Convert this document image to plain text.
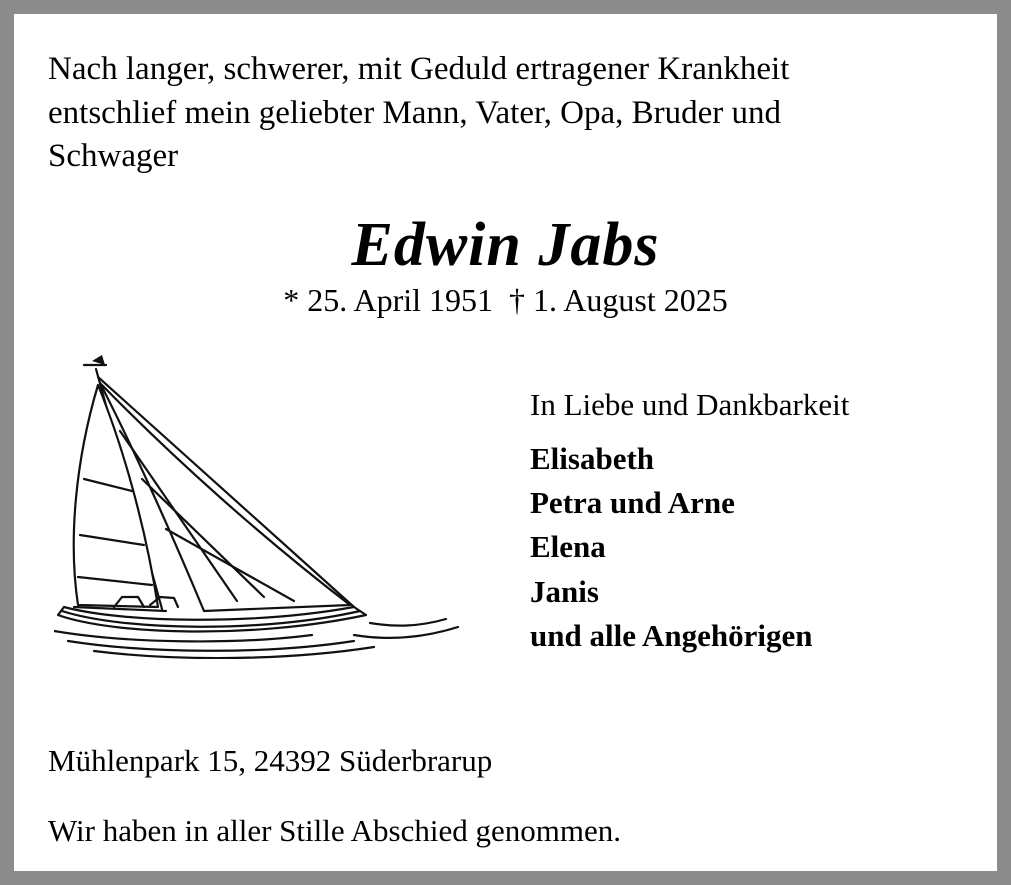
Nach langer, schwerer, mit Geduld ertragener Krankheit
entschlief mein geliebter Mann, Vater, Opa, Bruder und
Schwager
Edwin Jabs
* 25. April 1951  † 1. August 2025

In Liebe und Dankbarkeit

Elisabeth
Petra und Arne
Elena
Janis
und alle Angehörigen

Mühlenpark 15, 24392 Süderbrarup

Wir haben in aller Stille Abschied genommen.
